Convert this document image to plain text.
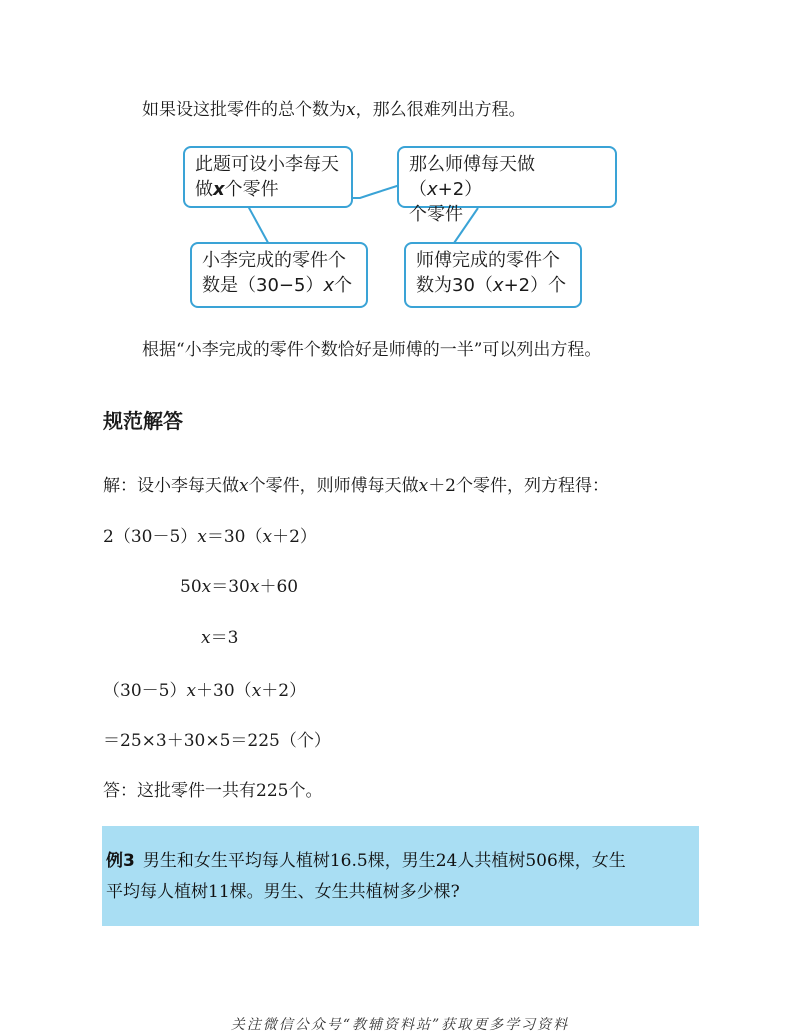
如果设这批零件的总个数为x，那么很难列出方程。
此题可设小李每天
做x个零件
那么师傅每天做（x+2）
个零件
小李完成的零件个
数是（30−5）x个
师傅完成的零件个
数为30（x+2）个
根据“小李完成的零件个数恰好是师傅的一半”可以列出方程。
规范解答
解：设小李每天做x个零件，则师傅每天做x＋2个零件，列方程得：
2（30－5）x＝30（x＋2）
50x＝30x＋60
x＝3
（30－5）x＋30（x＋2）
＝25×3＋30×5＝225（个）
答：这批零件一共有225个。
例3 男生和女生平均每人植树16.5棵，男生24人共植树506棵，女生
平均每人植树11棵。男生、女生共植树多少棵?
关注微信公众号“教辅资料站”获取更多学习资料
